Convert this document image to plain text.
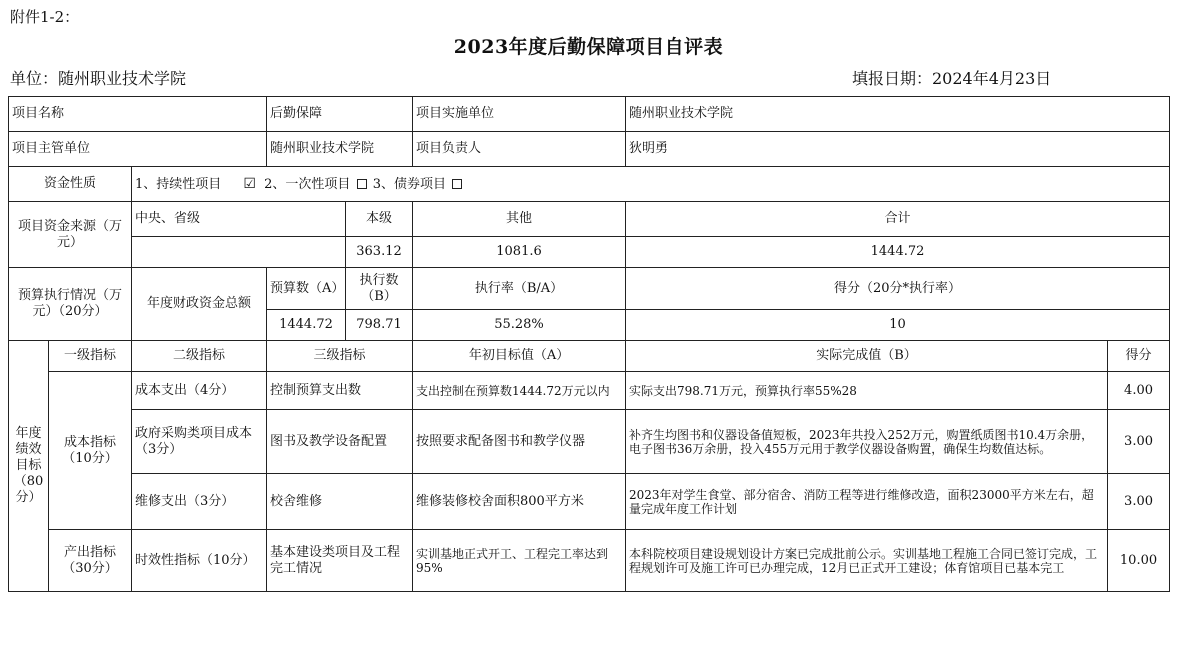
附件1-2：
2023年度后勤保障项目自评表
单位：随州职业技术学院	填报日期：2024年4月23日
项目名称			后勤保障		项目实施单位	随州职业技术学院	
项目主管单位			随州职业技术学院		项目负责人	狄明勇	
资金性质		1、持续性项目 ☑ 2、一次性项目 3、债券项目					
项目资金来源（万元）		中央、省级		本级	其他	合计	
				363.12	1081.6	1444.72	
预算执行情况（万元）（20分）		年度财政资金总额	预算数（A）	执行数（B）	执行率（B/A）	得分（20分*执行率）	
			1444.72	798.71	55.28%	10	
年度绩效目标（80分）	一级指标	二级指标	三级指标		年初目标值（A）	实际完成值（B）	得分
	成本指标（10分）	成本支出（4分）	控制预算支出数		支出控制在预算数1444.72万元以内	实际支出798.71万元，预算执行率55%28	4.00
		政府采购类项目成本（3分）	图书及教学设备配置		按照要求配备图书和教学仪器	补齐生均图书和仪器设备值短板，2023年共投入252万元，购置纸质图书10.4万余册，电子图书36万余册，投入455万元用于教学仪器设备购置，确保生均数值达标。	3.00
		维修支出（3分）	校舍维修		维修装修校舍面积800平方米	2023年对学生食堂、部分宿舍、消防工程等进行维修改造，面积23000平方米左右，超量完成年度工作计划	3.00
	产出指标（30分）	时效性指标（10分）	基本建设类项目及工程完工情况		实训基地正式开工、工程完工率达到95%	本科院校项目建设规划设计方案已完成批前公示。实训基地工程施工合同已签订完成，工程规划许可及施工许可已办理完成，12月已正式开工建设；体育馆项目已基本完工	10.00
